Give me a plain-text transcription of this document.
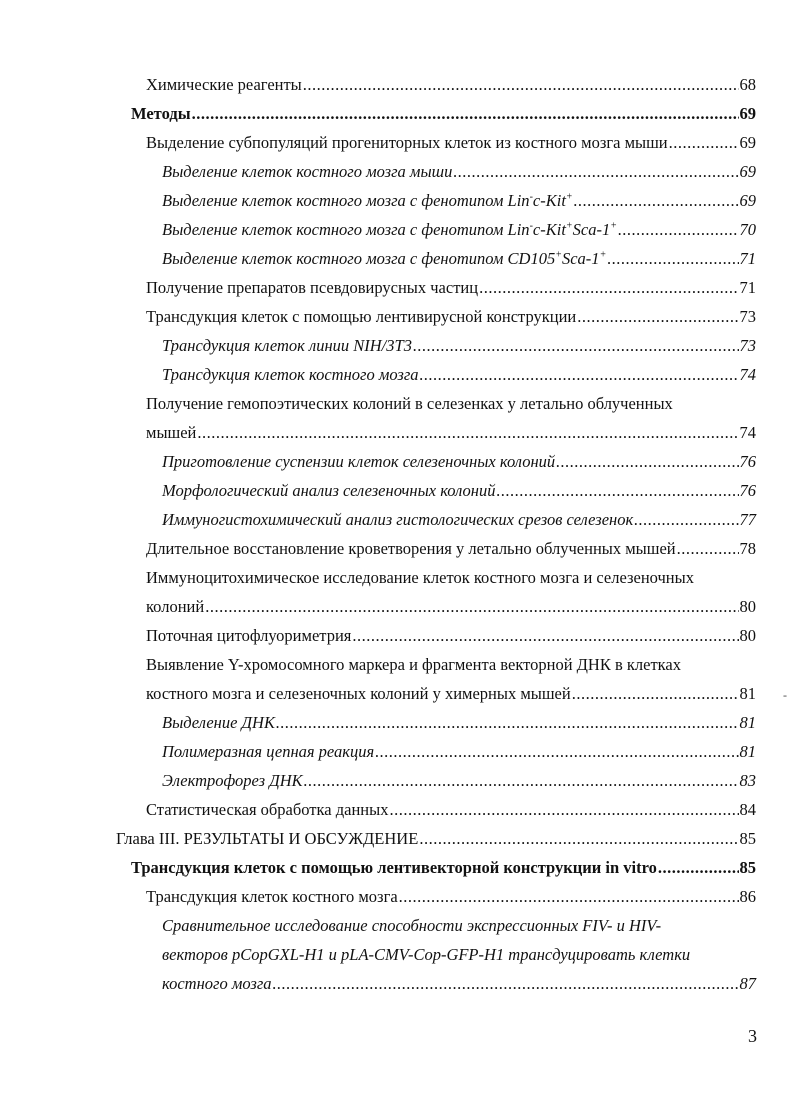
Химические реагенты .....	68
Методы .....	69
Выделение субпопуляций прогениторных клеток из костного мозга мыши .....	69
Выделение клеток костного мозга мыши .....	69
Выделение клеток костного мозга с фенотипом Lin-c-Kit+ .....	69
Выделение клеток костного мозга с фенотипом Lin-c-Kit+Sca-1+ .....	70
Выделение клеток костного мозга с фенотипом CD105+Sca-1+ .....	71
Получение препаратов псевдовирусных частиц .....	71
Трансдукция клеток с помощью лентивирусной конструкции .....	73
Трансдукция клеток линии NIH/3T3 .....	73
Трансдукция клеток костного мозга .....	74
Получение гемопоэтических колоний в селезенках у летально облученных
мышей .....	74
Приготовление суспензии клеток селезеночных колоний .....	76
Морфологический анализ селезеночных колоний .....	76
Иммуногистохимический анализ гистологических срезов селезенок .....	77
Длительное восстановление кроветворения у летально облученных мышей .....	78
Иммуноцитохимическое исследование клеток костного мозга и селезеночных
колоний .....	80
Поточная цитофлуориметрия .....	80
Выявление Y-хромосомного маркера и фрагмента векторной ДНК в клетках
костного мозга и селезеночных колоний у химерных мышей .....	81
Выделение ДНК .....	81
Полимеразная цепная реакция .....	81
Электрофорез ДНК .....	83
Статистическая обработка данных .....	84
Глава III. РЕЗУЛЬТАТЫ И ОБСУЖДЕНИЕ .....	85
Трансдукция клеток с помощью лентивекторной конструкции in vitro .....	85
Трансдукция клеток костного мозга .....	86
Сравнительное исследование способности экспрессионных FIV- и HIV-
векторов pCopGXL-H1 и pLA-CMV-Cop-GFP-H1 трансдуцировать клетки
костного мозга .....	87
-
3
